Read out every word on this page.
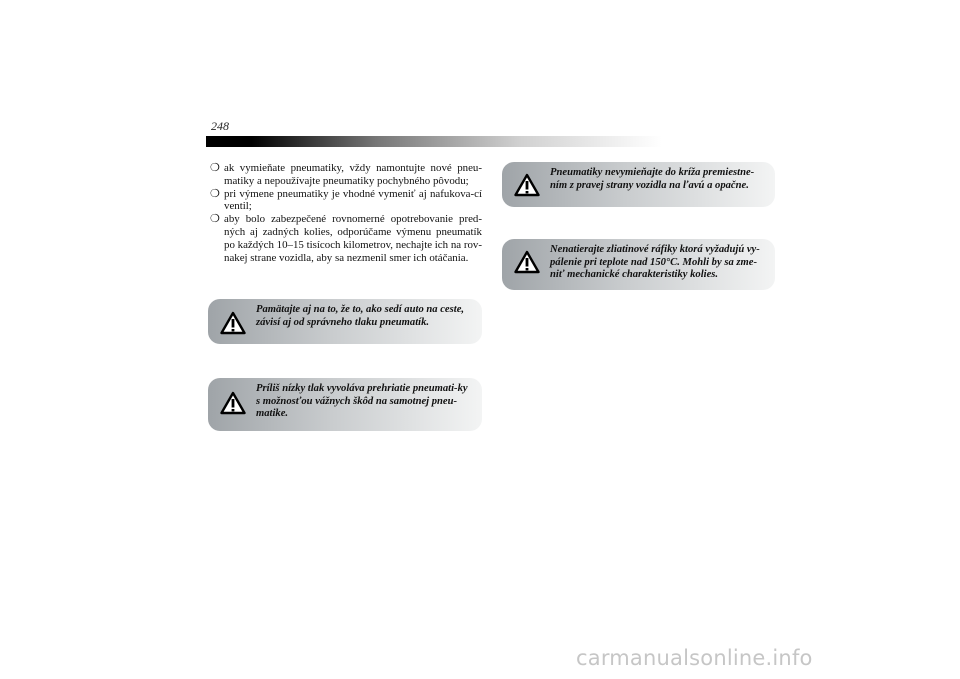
248	ÚDRŽBA A STAROSTLIVOSŤ
❍ ak vymieňate pneumatiky, vždy namontujte nové pneu-matiky a nepoužívajte pneumatiky pochybného pôvodu;
❍ pri výmene pneumatiky je vhodné vymeniť aj nafukova-cí ventil;
❍ aby bolo zabezpečené rovnomerné opotrebovanie pred-ných aj zadných kolies, odporúčame výmenu pneumatík po každých 10–15 tisícoch kilometrov, nechajte ich na rov-nakej strane vozidla, aby sa nezmenil smer ich otáčania.
Pamätajte aj na to, že to, ako sedí auto na ceste, závisí aj od správneho tlaku pneumatík.
Príliš nízky tlak vyvoláva prehriatie pneumati-ky s možnosťou vážnych škôd na samotnej pneu-matike.
Pneumatiky nevymieňajte do kríža premiestne-ním z pravej strany vozidla na ľavú a opačne.
Nenatierajte zliatinové ráfiky ktorá vyžadujú vy-pálenie pri teplote nad 150°C. Mohli by sa zme-niť mechanické charakteristiky kolies.
carmanualsonline.info
